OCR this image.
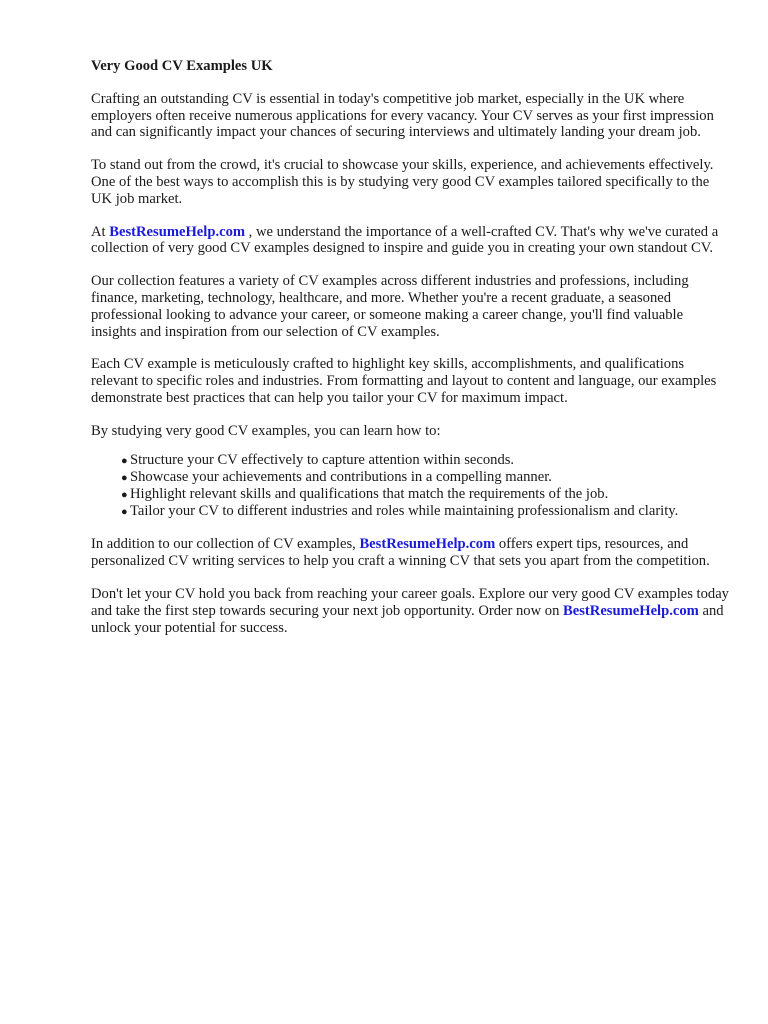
Very Good CV Examples UK

Crafting an outstanding CV is essential in today's competitive job market, especially in the UK where employers often receive numerous applications for every vacancy. Your CV serves as your first impression and can significantly impact your chances of securing interviews and ultimately landing your dream job.

To stand out from the crowd, it's crucial to showcase your skills, experience, and achievements effectively. One of the best ways to accomplish this is by studying very good CV examples tailored specifically to the UK job market.

At BestResumeHelp.com , we understand the importance of a well-crafted CV. That's why we've curated a collection of very good CV examples designed to inspire and guide you in creating your own standout CV.

Our collection features a variety of CV examples across different industries and professions, including finance, marketing, technology, healthcare, and more. Whether you're a recent graduate, a seasoned professional looking to advance your career, or someone making a career change, you'll find valuable insights and inspiration from our selection of CV examples.

Each CV example is meticulously crafted to highlight key skills, accomplishments, and qualifications relevant to specific roles and industries. From formatting and layout to content and language, our examples demonstrate best practices that can help you tailor your CV for maximum impact.

By studying very good CV examples, you can learn how to:

● Structure your CV effectively to capture attention within seconds.
● Showcase your achievements and contributions in a compelling manner.
● Highlight relevant skills and qualifications that match the requirements of the job.
● Tailor your CV to different industries and roles while maintaining professionalism and clarity.

In addition to our collection of CV examples, BestResumeHelp.com offers expert tips, resources, and personalized CV writing services to help you craft a winning CV that sets you apart from the competition.

Don't let your CV hold you back from reaching your career goals. Explore our very good CV examples today and take the first step towards securing your next job opportunity. Order now on BestResumeHelp.com and unlock your potential for success.
